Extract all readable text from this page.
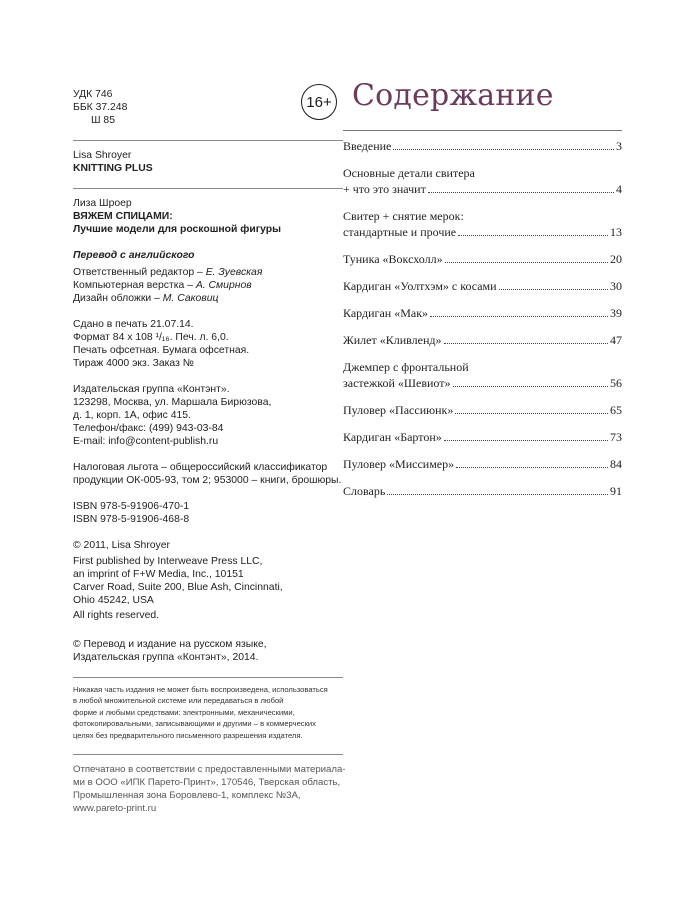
УДК 746
ББК 37.248
Ш 85
Lisa Shroyer
KNITTING PLUS
Лиза Шроер
ВЯЖЕМ СПИЦАМИ:
Лучшие модели для роскошной фигуры
Перевод с английского
Ответственный редактор – Е. Зуевская
Компьютерная верстка – А. Смирнов
Дизайн обложки – М. Саковиц
Сдано в печать 21.07.14.
Формат 84 x 108 ¹/₁₆. Печ. л. 6,0.
Печать офсетная. Бумага офсетная.
Тираж 4000 экз. Заказ №
Издательская группа «Контэнт».
123298, Москва, ул. Маршала Бирюзова,
д. 1, корп. 1А, офис 415.
Телефон/факс: (499) 943-03-84
E-mail: info@content-publish.ru
Налоговая льгота – общероссийский классификатор
продукции ОК-005-93, том 2; 953000 – книги, брошюры.
ISBN 978-5-91906-470-1
ISBN 978-5-91906-468-8
© 2011, Lisa Shroyer
First published by Interweave Press LLC,
an imprint of F+W Media, Inc., 10151
Carver Road, Suite 200, Blue Ash, Cincinnati,
Ohio 45242, USA
All rights reserved.
© Перевод и издание на русском языке,
Издательская группа «Контэнт», 2014.
Никакая часть издания не может быть воспроизведена, использоваться
в любой множительной системе или передаваться в любой
форме и любыми средствами: электронными, механическими,
фотокопировальными, записывающими и другими – в коммерческих
целях без предварительного письменного разрешения издателя.
Отпечатано в соответствии с предоставленными материала-
ми в ООО «ИПК Парето-Принт», 170546, Тверская область,
Промышленная зона Боровлево-1, комплекс №3А,
www.pareto-print.ru
16+ Содержание
Введение	3
Основные детали свитера
+ что это значит	4
Свитер + снятие мерок:
стандартные и прочие	13
Туника «Воксхолл»	20
Кардиган «Уолтхэм» с косами	30
Кардиган «Мак»	39
Жилет «Кливленд»	47
Джемпер с фронтальной
застежкой «Шевиот»	56
Пуловер «Пассиюнк»	65
Кардиган «Бартон»	73
Пуловер «Миссимер»	84
Словарь	91
